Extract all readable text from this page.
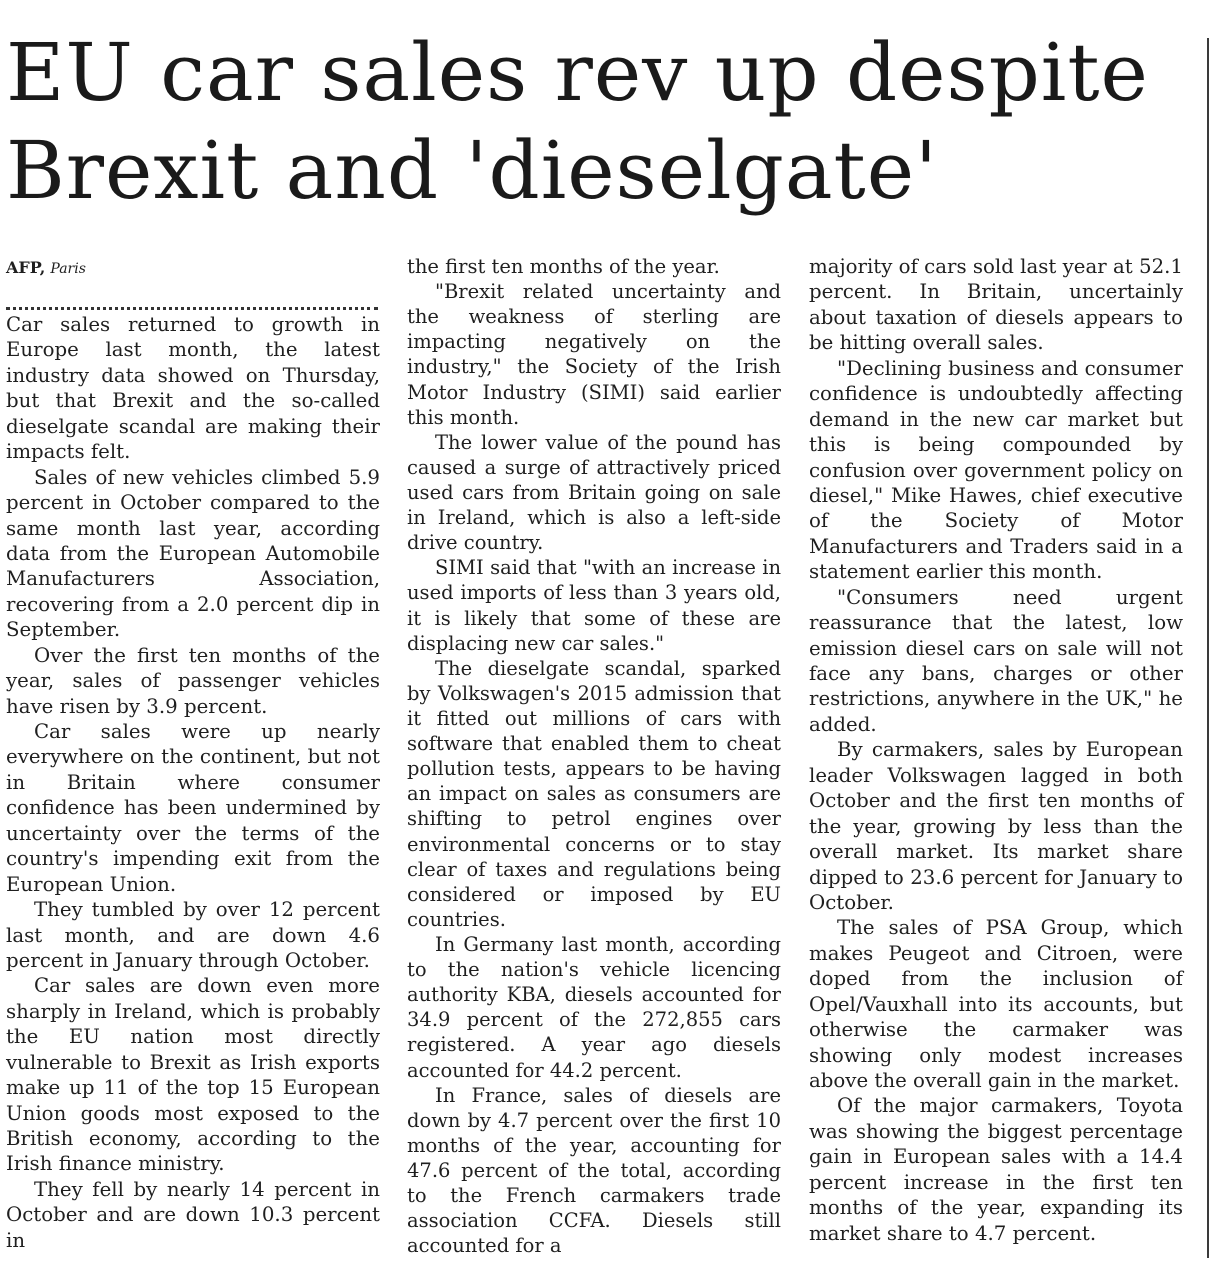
EU car sales rev up despite Brexit and 'dieselgate'
AFP, Paris

Car sales returned to growth in Europe last month, the latest industry data showed on Thursday, but that Brexit and the so-called dieselgate scandal are making their impacts felt.

Sales of new vehicles climbed 5.9 percent in October compared to the same month last year, according data from the European Automobile Manufacturers Association, recovering from a 2.0 percent dip in September.

Over the first ten months of the year, sales of passenger vehicles have risen by 3.9 percent.

Car sales were up nearly everywhere on the continent, but not in Britain where consumer confidence has been undermined by uncertainty over the terms of the country's impending exit from the European Union.

They tumbled by over 12 percent last month, and are down 4.6 percent in January through October.

Car sales are down even more sharply in Ireland, which is probably the EU nation most directly vulnerable to Brexit as Irish exports make up 11 of the top 15 European Union goods most exposed to the British economy, according to the Irish finance ministry.

They fell by nearly 14 percent in October and are down 10.3 percent in

the first ten months of the year.

"Brexit related uncertainty and the weakness of sterling are impacting negatively on the industry," the Society of the Irish Motor Industry (SIMI) said earlier this month.

The lower value of the pound has caused a surge of attractively priced used cars from Britain going on sale in Ireland, which is also a left-side drive country.

SIMI said that "with an increase in used imports of less than 3 years old, it is likely that some of these are displacing new car sales."

The dieselgate scandal, sparked by Volkswagen's 2015 admission that it fitted out millions of cars with software that enabled them to cheat pollution tests, appears to be having an impact on sales as consumers are shifting to petrol engines over environmental concerns or to stay clear of taxes and regulations being considered or imposed by EU countries.

In Germany last month, according to the nation's vehicle licencing authority KBA, diesels accounted for 34.9 percent of the 272,855 cars registered. A year ago diesels accounted for 44.2 percent.

In France, sales of diesels are down by 4.7 percent over the first 10 months of the year, accounting for 47.6 percent of the total, according to the French carmakers trade association CCFA. Diesels still accounted for a

majority of cars sold last year at 52.1 percent. In Britain, uncertainly about taxation of diesels appears to be hitting overall sales.

"Declining business and consumer confidence is undoubtedly affecting demand in the new car market but this is being compounded by confusion over government policy on diesel," Mike Hawes, chief executive of the Society of Motor Manufacturers and Traders said in a statement earlier this month.

"Consumers need urgent reassurance that the latest, low emission diesel cars on sale will not face any bans, charges or other restrictions, anywhere in the UK," he added.

By carmakers, sales by European leader Volkswagen lagged in both October and the first ten months of the year, growing by less than the overall market. Its market share dipped to 23.6 percent for January to October.

The sales of PSA Group, which makes Peugeot and Citroen, were doped from the inclusion of Opel/Vauxhall into its accounts, but otherwise the carmaker was showing only modest increases above the overall gain in the market.

Of the major carmakers, Toyota was showing the biggest percentage gain in European sales with a 14.4 percent increase in the first ten months of the year, expanding its market share to 4.7 percent.
